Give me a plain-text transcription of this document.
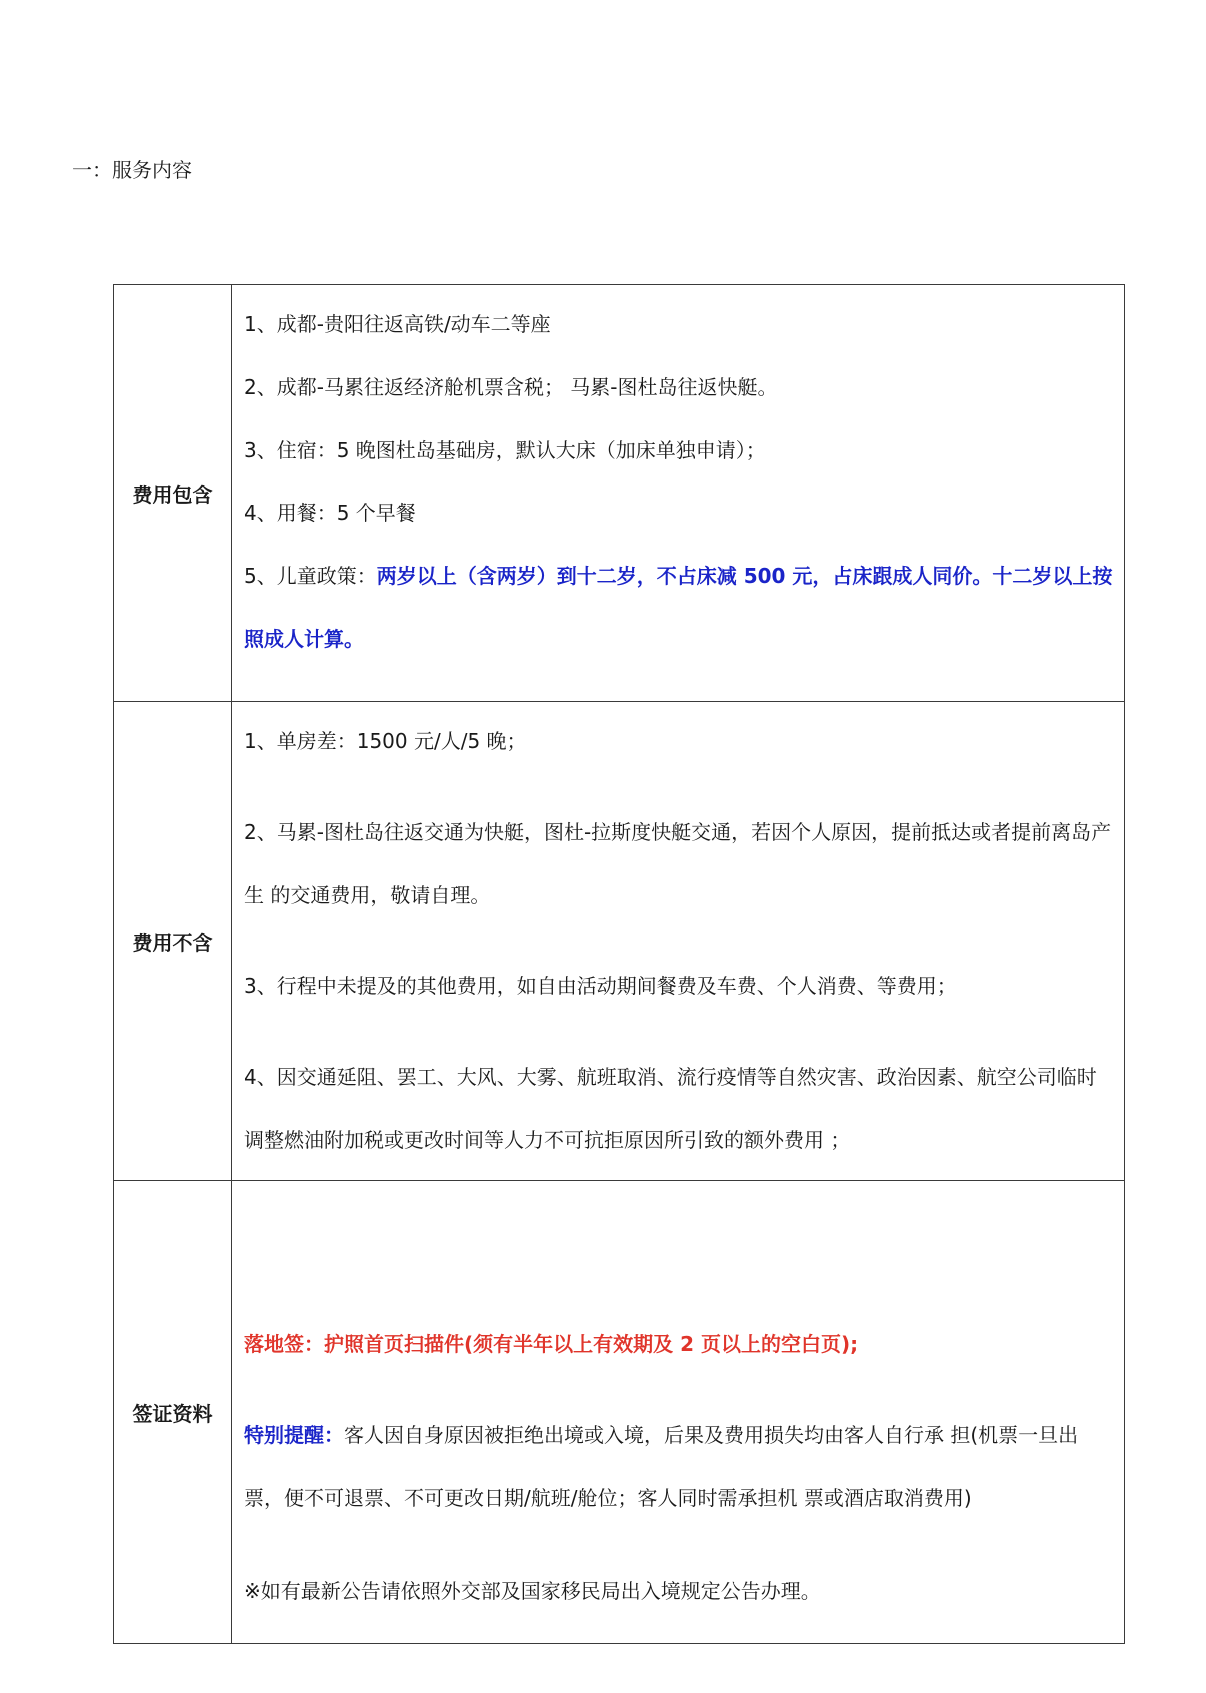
一：服务内容
费用包含	1、成都-贵阳往返高铁/动车二等座
2、成都-马累往返经济舱机票含税； 马累-图杜岛往返快艇。
3、住宿：5 晚图杜岛基础房，默认大床（加床单独申请）；
4、用餐：5 个早餐

5、儿童政策：两岁以上（含两岁）到十二岁，不占床减 500 元，占床跟成人同价。十二岁以上按照成人计算。

费用不含	1、单房差：1500 元/人/5 晚；

2、马累-图杜岛往返交通为快艇，图杜-拉斯度快艇交通，若因个人原因，提前抵达或者提前离岛产生 的交通费用，敬请自理。

3、行程中未提及的其他费用，如自由活动期间餐费及车费、个人消费、等费用；

4、因交通延阻、罢工、大风、大雾、航班取消、流行疫情等自然灾害、政治因素、航空公司临时调整燃油附加税或更改时间等人力不可抗拒原因所引致的额外费用 ；

签证资料	落地签：护照首页扫描件(须有半年以上有效期及 2 页以上的空白页);

特别提醒：客人因自身原因被拒绝出境或入境，后果及费用损失均由客人自行承 担(机票一旦出票，便不可退票、不可更改日期/航班/舱位；客人同时需承担机 票或酒店取消费用)

※如有最新公告请依照外交部及国家移民局出入境规定公告办理。
